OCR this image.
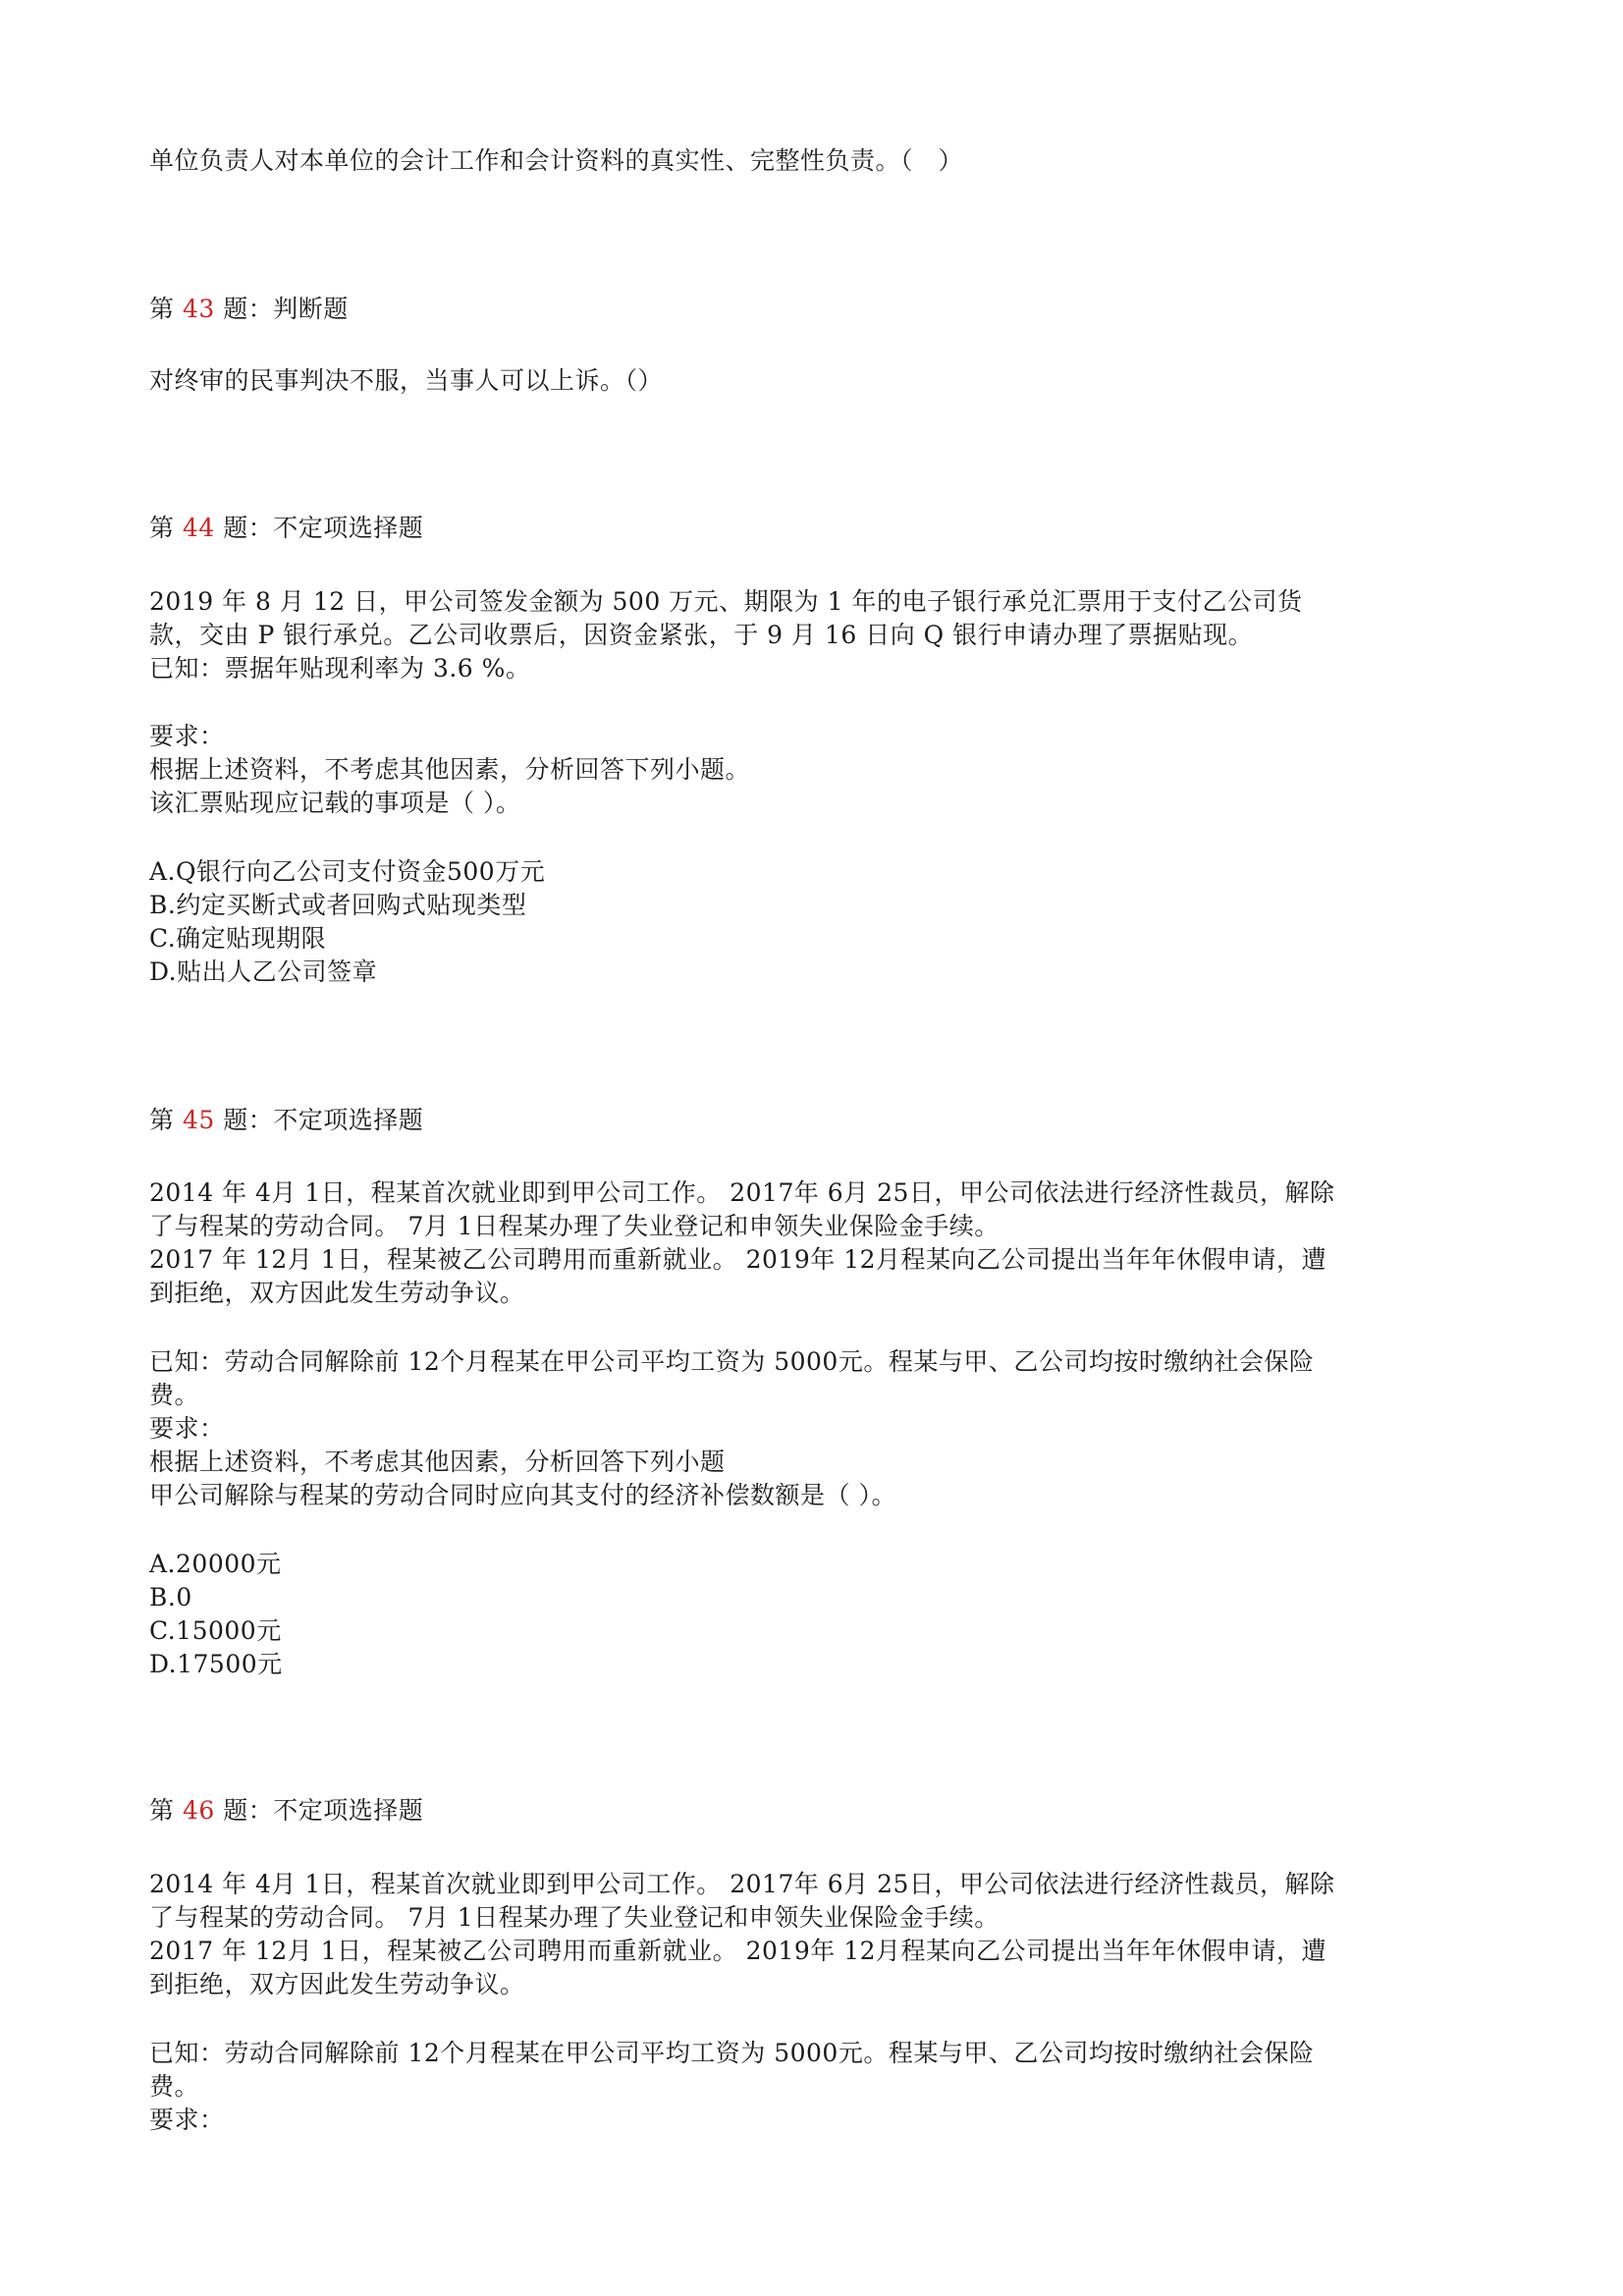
单位负责人对本单位的会计工作和会计资料的真实性、完整性负责。（　）
第 43 题：判断题
对终审的民事判决不服，当事人可以上诉。（）
第 44 题：不定项选择题
2019 年 8 月 12 日，甲公司签发金额为 500 万元、期限为 1 年的电子银行承兑汇票用于支付乙公司货
款，交由 P 银行承兑。乙公司收票后，因资金紧张，于 9 月 16 日向 Q 银行申请办理了票据贴现。
已知：票据年贴现利率为 3.6 %。
要求：
根据上述资料，不考虑其他因素，分析回答下列小题。
该汇票贴现应记载的事项是（ ）。
A.Q银行向乙公司支付资金500万元
B.约定买断式或者回购式贴现类型
C.确定贴现期限
D.贴出人乙公司签章
第 45 题：不定项选择题
2014 年 4月 1日，程某首次就业即到甲公司工作。 2017年 6月 25日，甲公司依法进行经济性裁员，解除
了与程某的劳动合同。 7月 1日程某办理了失业登记和申领失业保险金手续。
2017 年 12月 1日，程某被乙公司聘用而重新就业。 2019年 12月程某向乙公司提出当年年休假申请，遭
到拒绝，双方因此发生劳动争议。
已知：劳动合同解除前 12个月程某在甲公司平均工资为 5000元。程某与甲、乙公司均按时缴纳社会保险
费。
要求：
根据上述资料，不考虑其他因素，分析回答下列小题
甲公司解除与程某的劳动合同时应向其支付的经济补偿数额是（ ）。
A.20000元
B.0
C.15000元
D.17500元
第 46 题：不定项选择题
2014 年 4月 1日，程某首次就业即到甲公司工作。 2017年 6月 25日，甲公司依法进行经济性裁员，解除
了与程某的劳动合同。 7月 1日程某办理了失业登记和申领失业保险金手续。
2017 年 12月 1日，程某被乙公司聘用而重新就业。 2019年 12月程某向乙公司提出当年年休假申请，遭
到拒绝，双方因此发生劳动争议。
已知：劳动合同解除前 12个月程某在甲公司平均工资为 5000元。程某与甲、乙公司均按时缴纳社会保险
费。
要求：
